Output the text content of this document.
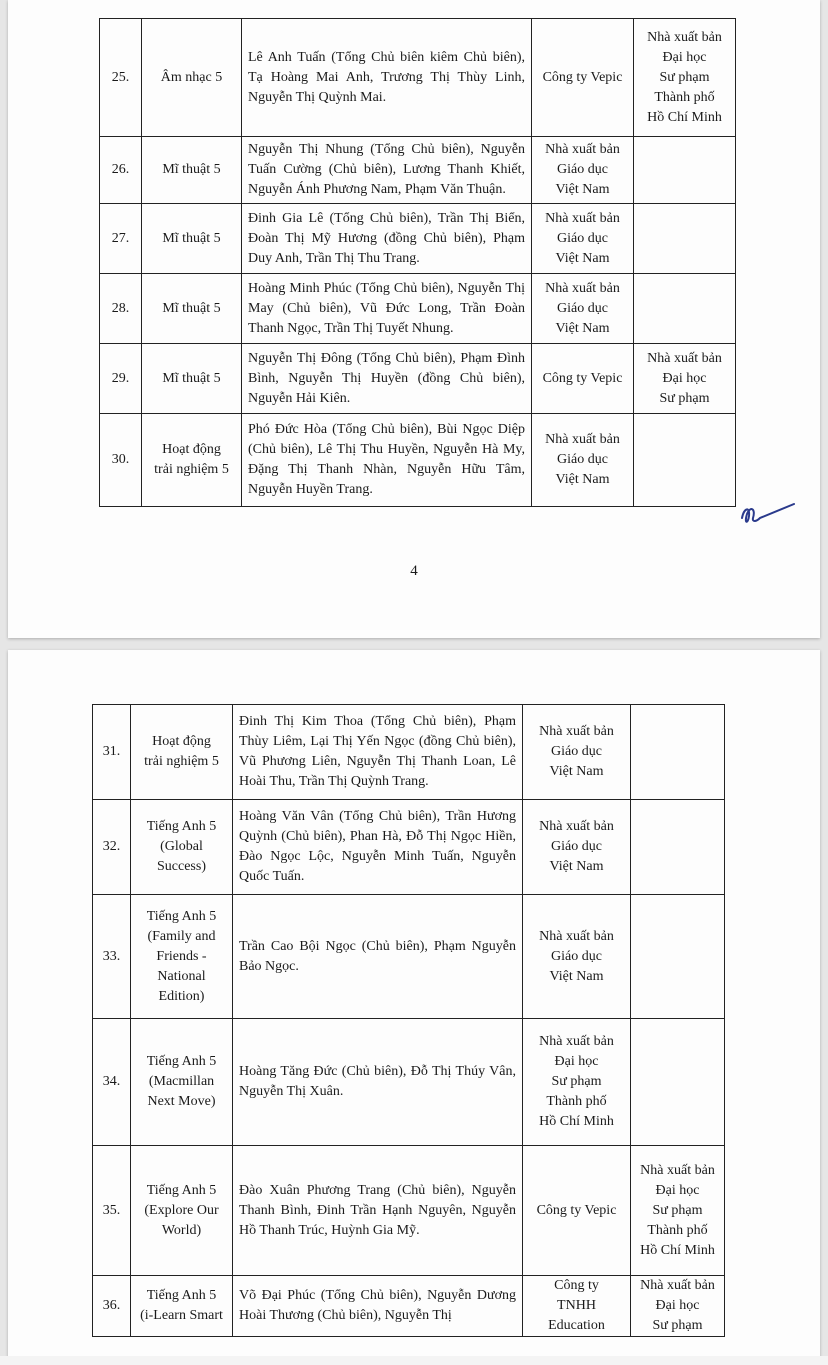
25.	Âm nhạc 5	Lê Anh Tuấn (Tổng Chủ biên kiêm Chủ biên), Tạ Hoàng Mai Anh, Trương Thị Thùy Linh, Nguyễn Thị Quỳnh Mai.	Công ty Vepic	Nhà xuất bản
Đại học
Sư phạm
Thành phố
Hồ Chí Minh
26.	Mĩ thuật 5	Nguyễn Thị Nhung (Tổng Chủ biên), Nguyễn Tuấn Cường (Chủ biên), Lương Thanh Khiết, Nguyễn Ánh Phương Nam, Phạm Văn Thuận.	Nhà xuất bản
Giáo dục
Việt Nam	
27.	Mĩ thuật 5	Đinh Gia Lê (Tổng Chủ biên), Trần Thị Biển, Đoàn Thị Mỹ Hương (đồng Chủ biên), Phạm Duy Anh, Trần Thị Thu Trang.	Nhà xuất bản
Giáo dục
Việt Nam	
28.	Mĩ thuật 5	Hoàng Minh Phúc (Tổng Chủ biên), Nguyễn Thị May (Chủ biên), Vũ Đức Long, Trần Đoàn Thanh Ngọc, Trần Thị Tuyết Nhung.	Nhà xuất bản
Giáo dục
Việt Nam	
29.	Mĩ thuật 5	Nguyễn Thị Đông (Tổng Chủ biên), Phạm Đình Bình, Nguyễn Thị Huyền (đồng Chủ biên), Nguyễn Hải Kiên.	Công ty Vepic	Nhà xuất bản
Đại học
Sư phạm
30.	Hoạt động
trải nghiệm 5	Phó Đức Hòa (Tổng Chủ biên), Bùi Ngọc Diệp (Chủ biên), Lê Thị Thu Huyền, Nguyễn Hà My, Đặng Thị Thanh Nhàn, Nguyễn Hữu Tâm, Nguyễn Huyền Trang.	Nhà xuất bản
Giáo dục
Việt Nam	
4
31.	Hoạt động
trải nghiệm 5	Đinh Thị Kim Thoa (Tổng Chủ biên), Phạm Thùy Liêm, Lại Thị Yến Ngọc (đồng Chủ biên), Vũ Phương Liên, Nguyễn Thị Thanh Loan, Lê Hoài Thu, Trần Thị Quỳnh Trang.	Nhà xuất bản
Giáo dục
Việt Nam	
32.	Tiếng Anh 5
(Global
Success)	Hoàng Văn Vân (Tổng Chủ biên), Trần Hương Quỳnh (Chủ biên), Phan Hà, Đỗ Thị Ngọc Hiền, Đào Ngọc Lộc, Nguyễn Minh Tuấn, Nguyễn Quốc Tuấn.	Nhà xuất bản
Giáo dục
Việt Nam	
33.	Tiếng Anh 5
(Family and
Friends -
National
Edition)	Trần Cao Bội Ngọc (Chủ biên), Phạm Nguyễn Bảo Ngọc.	Nhà xuất bản
Giáo dục
Việt Nam	
34.	Tiếng Anh 5
(Macmillan
Next Move)	Hoàng Tăng Đức (Chủ biên), Đỗ Thị Thúy Vân, Nguyễn Thị Xuân.	Nhà xuất bản
Đại học
Sư phạm
Thành phố
Hồ Chí Minh	
35.	Tiếng Anh 5
(Explore Our
World)	Đào Xuân Phương Trang (Chủ biên), Nguyễn Thanh Bình, Đinh Trần Hạnh Nguyên, Nguyễn Hồ Thanh Trúc, Huỳnh Gia Mỹ.	Công ty Vepic	Nhà xuất bản
Đại học
Sư phạm
Thành phố
Hồ Chí Minh
36.	Tiếng Anh 5
(i-Learn Smart	Võ Đại Phúc (Tổng Chủ biên), Nguyễn Dương Hoài Thương (Chủ biên), Nguyễn Thị	Công ty
TNHH
Education	Nhà xuất bản
Đại học
Sư phạm
